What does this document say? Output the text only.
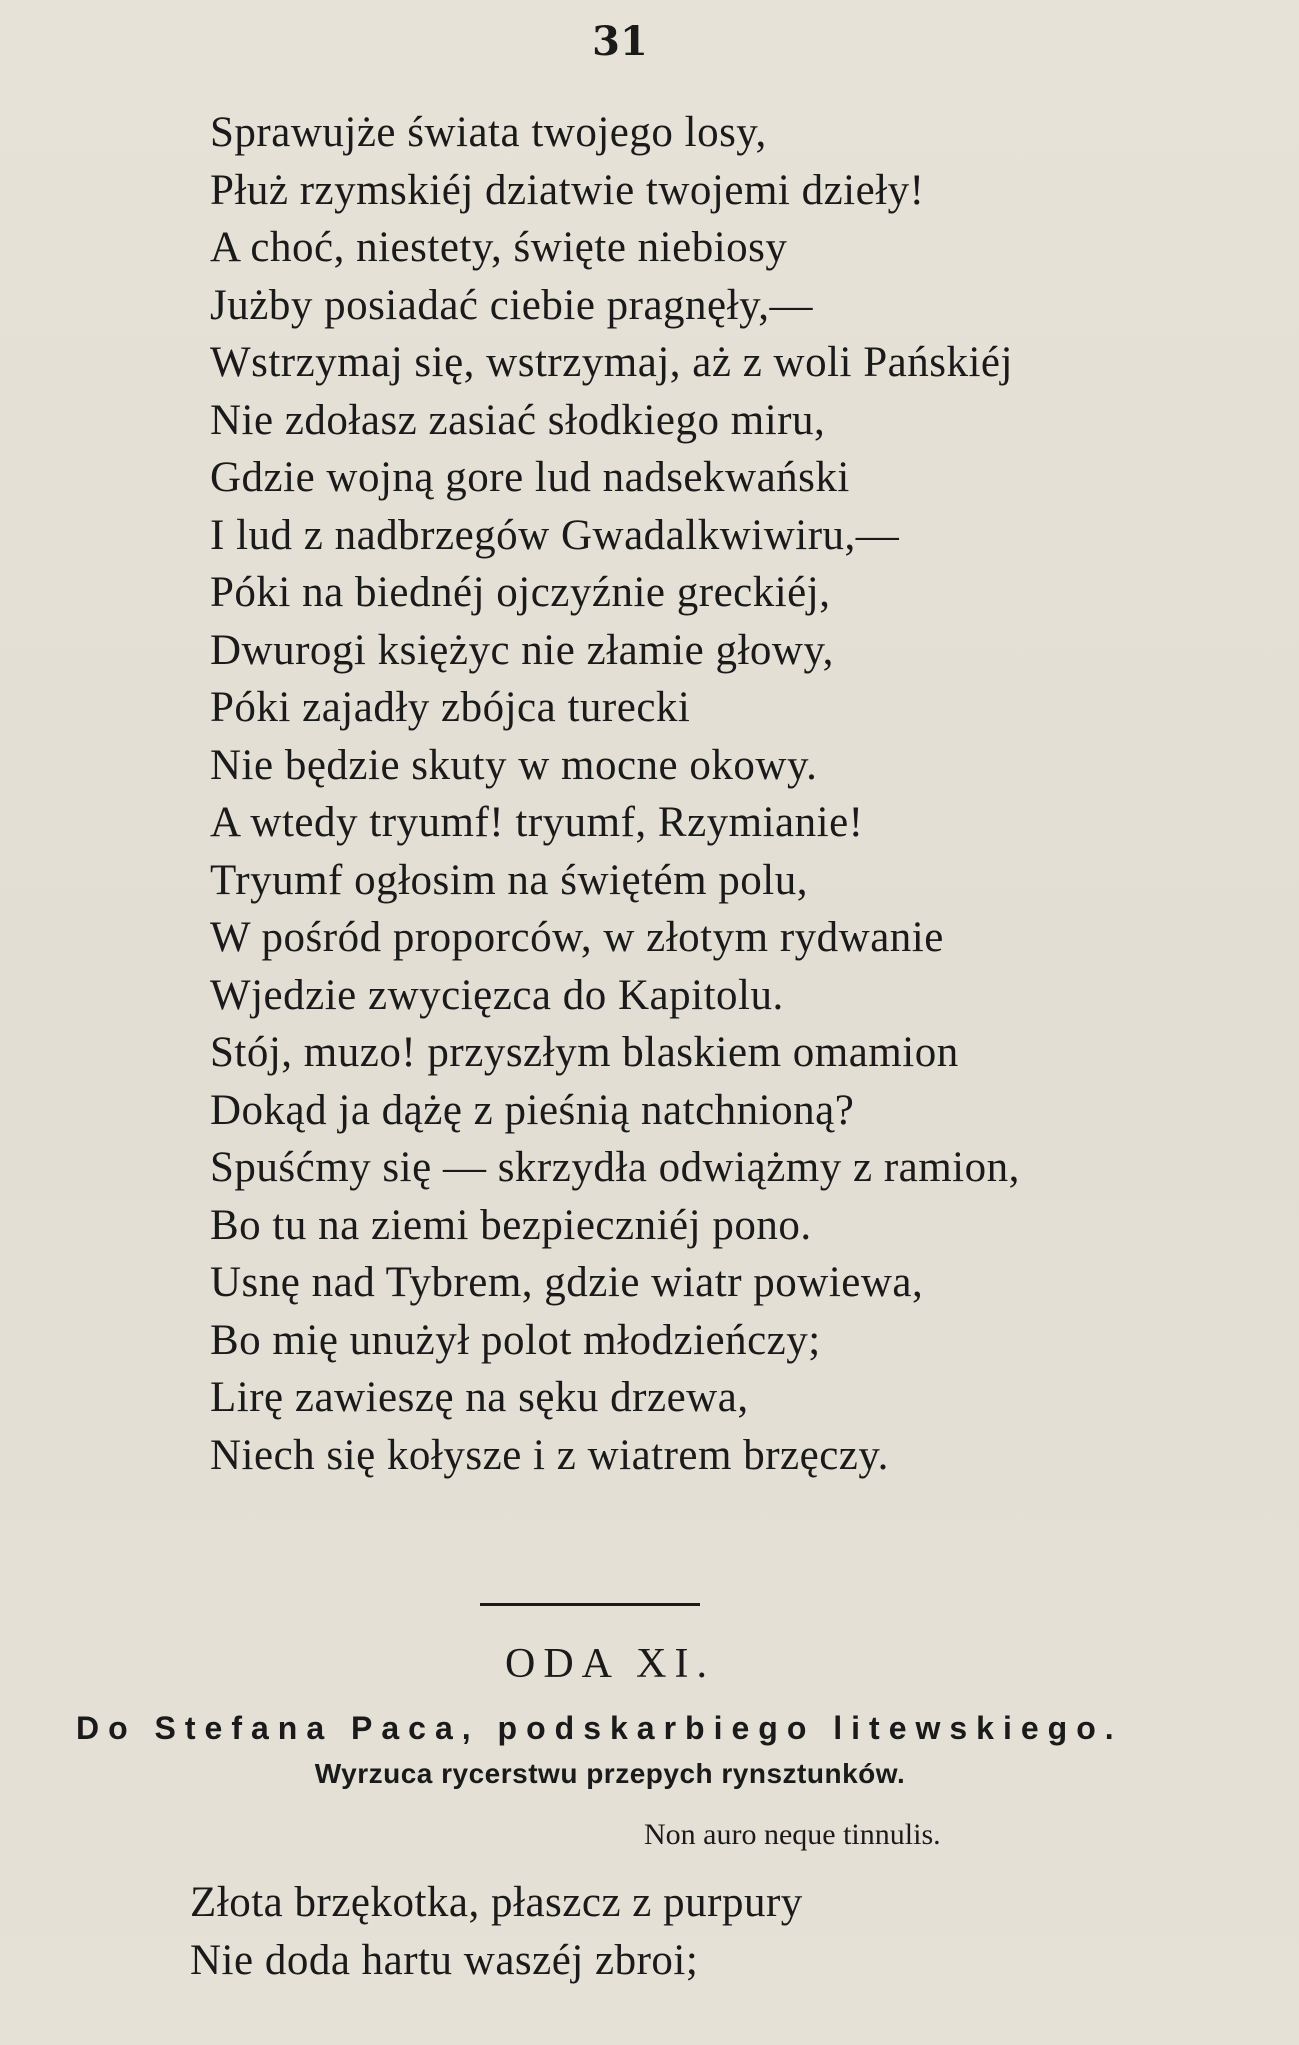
31
Sprawujże świata twojego losy,
Płuż rzymskiéj dziatwie twojemi dzieły!
A choć, niestety, święte niebiosy
Jużby posiadać ciebie pragnęły,—
Wstrzymaj się, wstrzymaj, aż z woli Pańskiéj
Nie zdołasz zasiać słodkiego miru,
Gdzie wojną gore lud nadsekwański
I lud z nadbrzegów Gwadalkwiwiru,—
Póki na biednéj ojczyźnie greckiéj,
Dwurogi księżyc nie złamie głowy,
Póki zajadły zbójca turecki
Nie będzie skuty w mocne okowy.
A wtedy tryumf! tryumf, Rzymianie!
Tryumf ogłosim na świętém polu,
W pośród proporców, w złotym rydwanie
Wjedzie zwycięzca do Kapitolu.
Stój, muzo! przyszłym blaskiem omamion
Dokąd ja dążę z pieśnią natchnioną?
Spuśćmy się — skrzydła odwiążmy z ramion,
Bo tu na ziemi bezpieczniéj pono.
Usnę nad Tybrem, gdzie wiatr powiewa,
Bo mię unużył polot młodzieńczy;
Lirę zawieszę na sęku drzewa,
Niech się kołysze i z wiatrem brzęczy.
ODA XI.
Do Stefana Paca, podskarbiego litewskiego.
Wyrzuca rycerstwu przepych rynsztunków.
Non auro neque tinnulis.
Złota brzękotka, płaszcz z purpury
Nie doda hartu waszéj zbroi;
